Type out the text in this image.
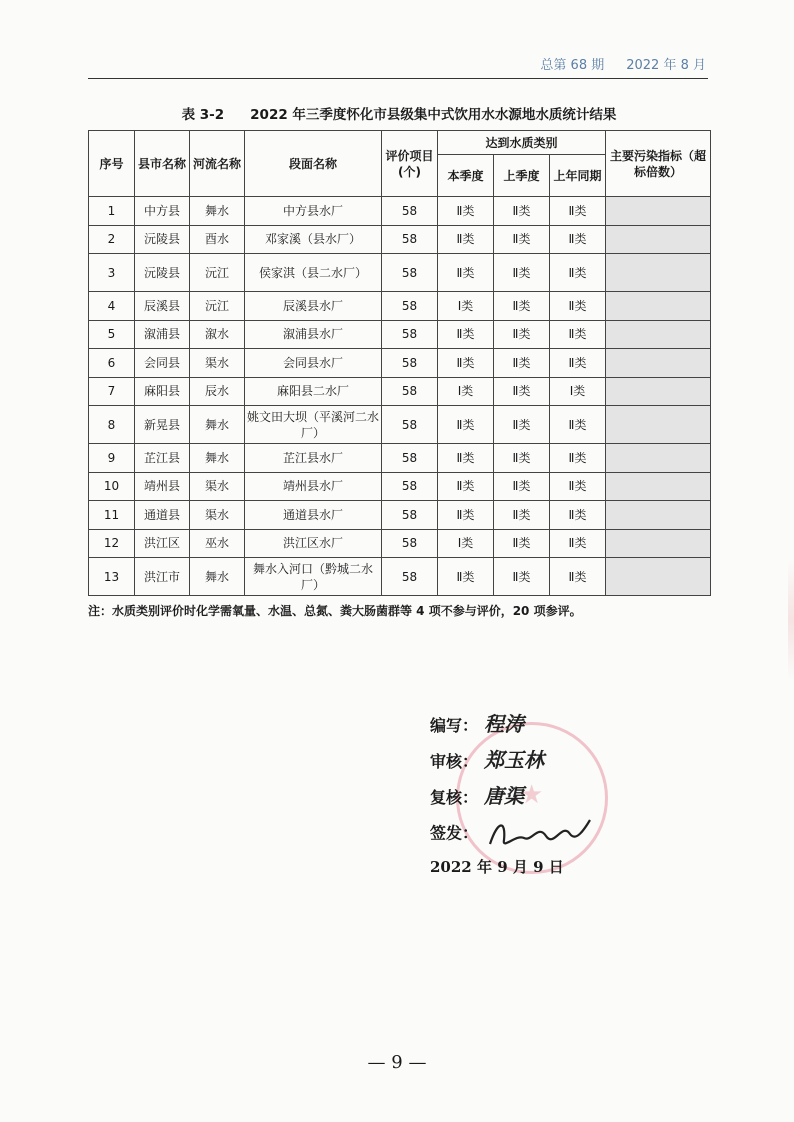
总第 68 期 2022 年 8 月
表 3-2 2022 年三季度怀化市县级集中式饮用水水源地水质统计结果
序号	县市名称	河流名称	段面名称	评价项目(个)	达到水质类别			主要污染指标（超标倍数）
					本季度	上季度	上年同期	
1	中方县	舞水	中方县水厂	58	Ⅱ类	Ⅱ类	Ⅱ类	
2	沅陵县	酉水	邓家溪（县水厂）	58	Ⅱ类	Ⅱ类	Ⅱ类	
3	沅陵县	沅江	侯家淇（县二水厂）	58	Ⅱ类	Ⅱ类	Ⅱ类	
4	辰溪县	沅江	辰溪县水厂	58	Ⅰ类	Ⅱ类	Ⅱ类	
5	溆浦县	溆水	溆浦县水厂	58	Ⅱ类	Ⅱ类	Ⅱ类	
6	会同县	渠水	会同县水厂	58	Ⅱ类	Ⅱ类	Ⅱ类	
7	麻阳县	辰水	麻阳县二水厂	58	Ⅰ类	Ⅱ类	Ⅰ类	
8	新晃县	舞水	姚文田大坝（平溪河二水厂）	58	Ⅱ类	Ⅱ类	Ⅱ类	
9	芷江县	舞水	芷江县水厂	58	Ⅱ类	Ⅱ类	Ⅱ类	
10	靖州县	渠水	靖州县水厂	58	Ⅱ类	Ⅱ类	Ⅱ类	
11	通道县	渠水	通道县水厂	58	Ⅱ类	Ⅱ类	Ⅱ类	
12	洪江区	巫水	洪江区水厂	58	Ⅰ类	Ⅱ类	Ⅱ类	
13	洪江市	舞水	舞水入河口（黔城二水厂）	58	Ⅱ类	Ⅱ类	Ⅱ类	
注：水质类别评价时化学需氧量、水温、总氮、粪大肠菌群等 4 项不参与评价，20 项参评。
★
编写： 程涛
审核： 郑玉林
复核： 唐渠
签发：
2022 年 9 月 9 日
— 9 —
